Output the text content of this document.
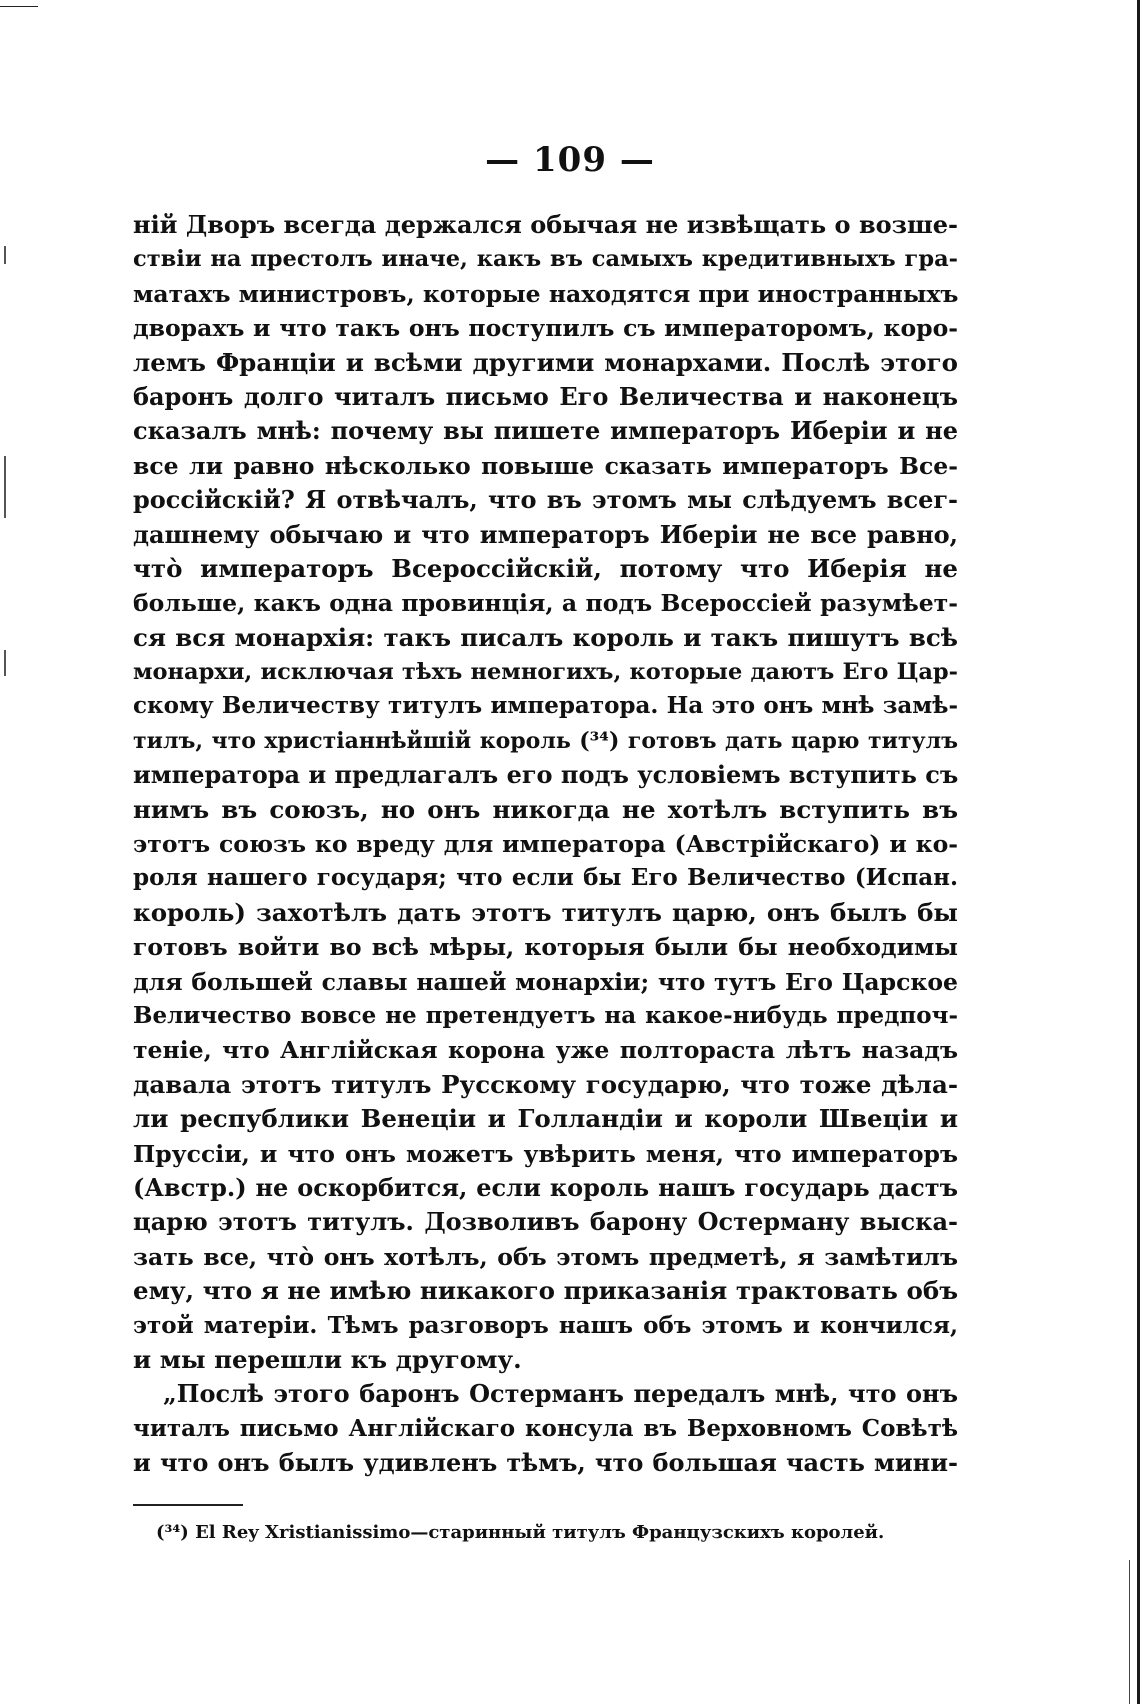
— 109 —
ній Дворъ всегда держался обычая не извѣщать о возше-
ствіи на престолъ иначе, какъ въ самыхъ кредитивныхъ гра-
матахъ министровъ, которые находятся при иностранныхъ
дворахъ и что такъ онъ поступилъ съ императоромъ, коро-
лемъ Франціи и всѣми другими монархами. Послѣ этого
баронъ долго читалъ письмо Его Величества и наконецъ
сказалъ мнѣ: почему вы пишете императоръ Иберіи и не
все ли равно нѣсколько повыше сказать императоръ Все-
россійскій? Я отвѣчалъ, что въ этомъ мы слѣдуемъ всег-
дашнему обычаю и что императоръ Иберіи не все равно,
чтò императоръ Всероссійскій, потому что Иберія не
больше, какъ одна провинція, а подъ Всероссіей разумѣет-
ся вся монархія: такъ писалъ король и такъ пишутъ всѣ
монархи, исключая тѣхъ немногихъ, которые даютъ Его Цар-
скому Величеству титулъ императора. На это онъ мнѣ замѣ-
тилъ, что христіаннѣйшій король (³⁴) готовъ дать царю титулъ
императора и предлагалъ его подъ условіемъ вступить съ
нимъ въ союзъ, но онъ никогда не хотѣлъ вступить въ
этотъ союзъ ко вреду для императора (Австрійскаго) и ко-
роля нашего государя; что если бы Его Величество (Испан.
король) захотѣлъ дать этотъ титулъ царю, онъ былъ бы
готовъ войти во всѣ мѣры, которыя были бы необходимы
для большей славы нашей монархіи; что тутъ Его Царское
Величество вовсе не претендуетъ на какое-нибудь предпоч-
теніе, что Англійская корона уже полтораста лѣтъ назадъ
давала этотъ титулъ Русскому государю, что тоже дѣла-
ли республики Венеціи и Голландіи и короли Швеціи и
Пруссіи, и что онъ можетъ увѣрить меня, что императоръ
(Австр.) не оскорбится, если король нашъ государь дастъ
царю этотъ титулъ. Дозволивъ барону Остерману выска-
зать все, чтò онъ хотѣлъ, объ этомъ предметѣ, я замѣтилъ
ему, что я не имѣю никакого приказанія трактовать объ
этой матеріи. Тѣмъ разговоръ нашъ объ этомъ и кончился,
и мы перешли къ другому.
„Послѣ этого баронъ Остерманъ передалъ мнѣ, что онъ
читалъ письмо Англійскаго консула въ Верховномъ Совѣтѣ
и что онъ былъ удивленъ тѣмъ, что большая часть мини-
(³⁴) El Rey Xristianissimo—старинный титулъ Французскихъ королей.
